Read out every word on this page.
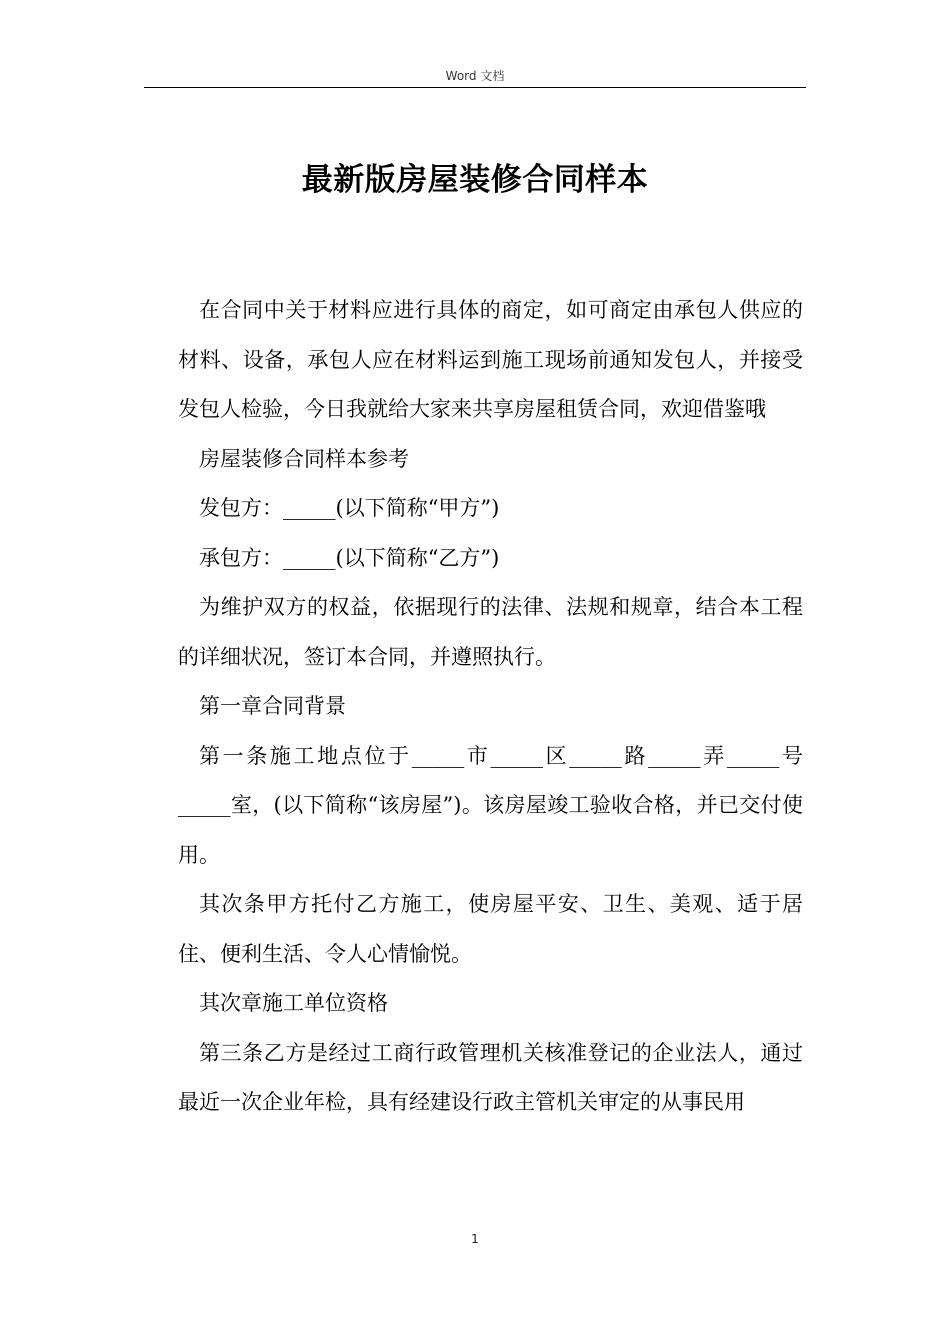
Word 文档
最新版房屋装修合同样本

在合同中关于材料应进行具体的商定，如可商定由承包人供应的材料、设备，承包人应在材料运到施工现场前通知发包人，并接受发包人检验，今日我就给大家来共享房屋租赁合同，欢迎借鉴哦

房屋装修合同样本参考

发包方：_____(以下简称“甲方”)

承包方：_____(以下简称“乙方”)

为维护双方的权益，依据现行的法律、法规和规章，结合本工程的详细状况，签订本合同，并遵照执行。

第一章合同背景

第一条施工地点位于_____市_____区_____路_____弄_____号_____室，(以下简称“该房屋”)。该房屋竣工验收合格，并已交付使用。

其次条甲方托付乙方施工，使房屋平安、卫生、美观、适于居住、便利生活、令人心情愉悦。

其次章施工单位资格

第三条乙方是经过工商行政管理机关核准登记的企业法人，通过最近一次企业年检，具有经建设行政主管机关审定的从事民用

1
